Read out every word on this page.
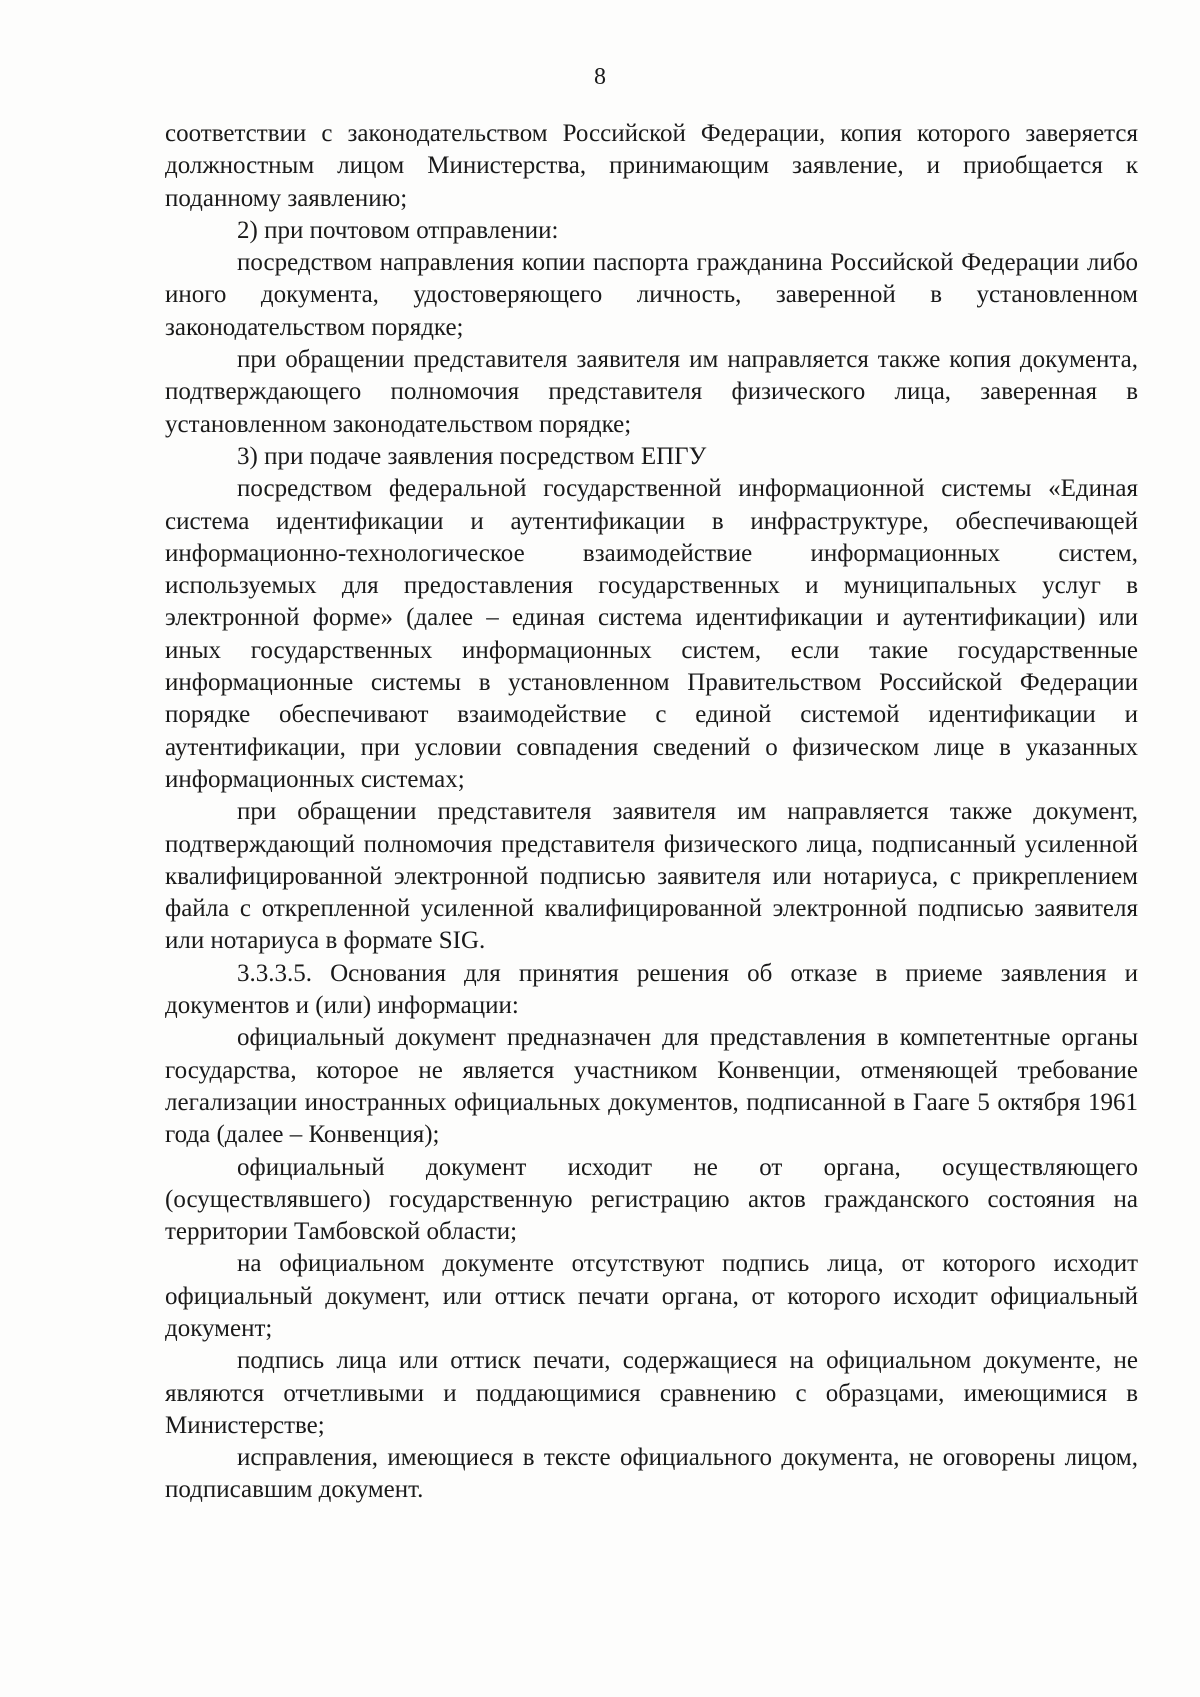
8

соответствии с законодательством Российской Федерации, копия которого заверяется должностным лицом Министерства, принимающим заявление, и приобщается к поданному заявлению;

2) при почтовом отправлении:

посредством направления копии паспорта гражданина Российской Федерации либо иного документа, удостоверяющего личность, заверенной в установленном законодательством порядке;

при обращении представителя заявителя им направляется также копия документа, подтверждающего полномочия представителя физического лица, заверенная в установленном законодательством порядке;

3) при подаче заявления посредством ЕПГУ

посредством федеральной государственной информационной системы «Единая система идентификации и аутентификации в инфраструктуре, обеспечивающей информационно-технологическое взаимодействие информационных систем, используемых для предоставления государственных и муниципальных услуг в электронной форме» (далее – единая система идентификации и аутентификации) или иных государственных информационных систем, если такие государственные информационные системы в установленном Правительством Российской Федерации порядке обеспечивают взаимодействие с единой системой идентификации и аутентификации, при условии совпадения сведений о физическом лице в указанных информационных системах;

при обращении представителя заявителя им направляется также документ, подтверждающий полномочия представителя физического лица, подписанный усиленной квалифицированной электронной подписью заявителя или нотариуса, с прикреплением файла с открепленной усиленной квалифицированной электронной подписью заявителя или нотариуса в формате SIG.

3.3.3.5. Основания для принятия решения об отказе в приеме заявления и документов и (или) информации:

официальный документ предназначен для представления в компетентные органы государства, которое не является участником Конвенции, отменяющей требование легализации иностранных официальных документов, подписанной в Гааге 5 октября 1961 года (далее – Конвенция);

официальный документ исходит не от органа, осуществляющего (осуществлявшего) государственную регистрацию актов гражданского состояния на территории Тамбовской области;

на официальном документе отсутствуют подпись лица, от которого исходит официальный документ, или оттиск печати органа, от которого исходит официальный документ;

подпись лица или оттиск печати, содержащиеся на официальном документе, не являются отчетливыми и поддающимися сравнению с образцами, имеющимися в Министерстве;

исправления, имеющиеся в тексте официального документа, не оговорены лицом, подписавшим документ.
